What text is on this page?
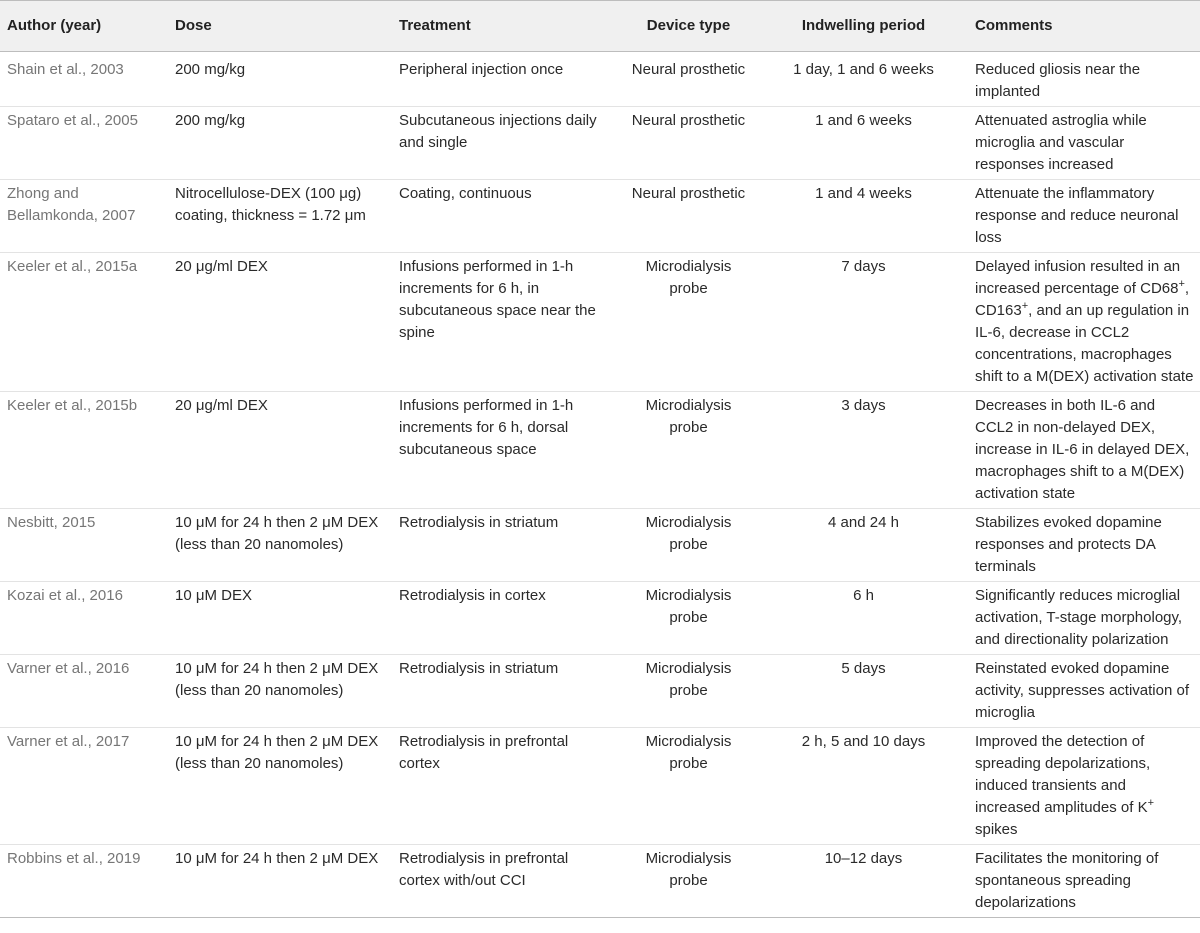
Author (year)	Dose	Treatment	Device type	Indwelling period	Comments
Shain et al., 2003	200 mg/kg	Peripheral injection once	Neural prosthetic	1 day, 1 and 6 weeks	Reduced gliosis near the implanted
Spataro et al., 2005	200 mg/kg	Subcutaneous injections daily and single	Neural prosthetic	1 and 6 weeks	Attenuated astroglia while microglia and vascular responses increased
Zhong and Bellamkonda, 2007	Nitrocellulose-DEX (100 μg) coating, thickness = 1.72 μm	Coating, continuous	Neural prosthetic	1 and 4 weeks	Attenuate the inflammatory response and reduce neuronal loss
Keeler et al., 2015a	20 μg/ml DEX	Infusions performed in 1-h increments for 6 h, in subcutaneous space near the spine	Microdialysis probe	7 days	Delayed infusion resulted in an increased percentage of CD68+, CD163+, and an up regulation in IL-6, decrease in CCL2 concentrations, macrophages shift to a M(DEX) activation state
Keeler et al., 2015b	20 μg/ml DEX	Infusions performed in 1-h increments for 6 h, dorsal subcutaneous space	Microdialysis probe	3 days	Decreases in both IL-6 and CCL2 in non-delayed DEX, increase in IL-6 in delayed DEX, macrophages shift to a M(DEX) activation state
Nesbitt, 2015	10 μM for 24 h then 2 μM DEX (less than 20 nanomoles)	Retrodialysis in striatum	Microdialysis probe	4 and 24 h	Stabilizes evoked dopamine responses and protects DA terminals
Kozai et al., 2016	10 μM DEX	Retrodialysis in cortex	Microdialysis probe	6 h	Significantly reduces microglial activation, T-stage morphology, and directionality polarization
Varner et al., 2016	10 μM for 24 h then 2 μM DEX (less than 20 nanomoles)	Retrodialysis in striatum	Microdialysis probe	5 days	Reinstated evoked dopamine activity, suppresses activation of microglia
Varner et al., 2017	10 μM for 24 h then 2 μM DEX (less than 20 nanomoles)	Retrodialysis in prefrontal cortex	Microdialysis probe	2 h, 5 and 10 days	Improved the detection of spreading depolarizations, induced transients and increased amplitudes of K+ spikes
Robbins et al., 2019	10 μM for 24 h then 2 μM DEX	Retrodialysis in prefrontal cortex with/out CCI	Microdialysis probe	10–12 days	Facilitates the monitoring of spontaneous spreading depolarizations
